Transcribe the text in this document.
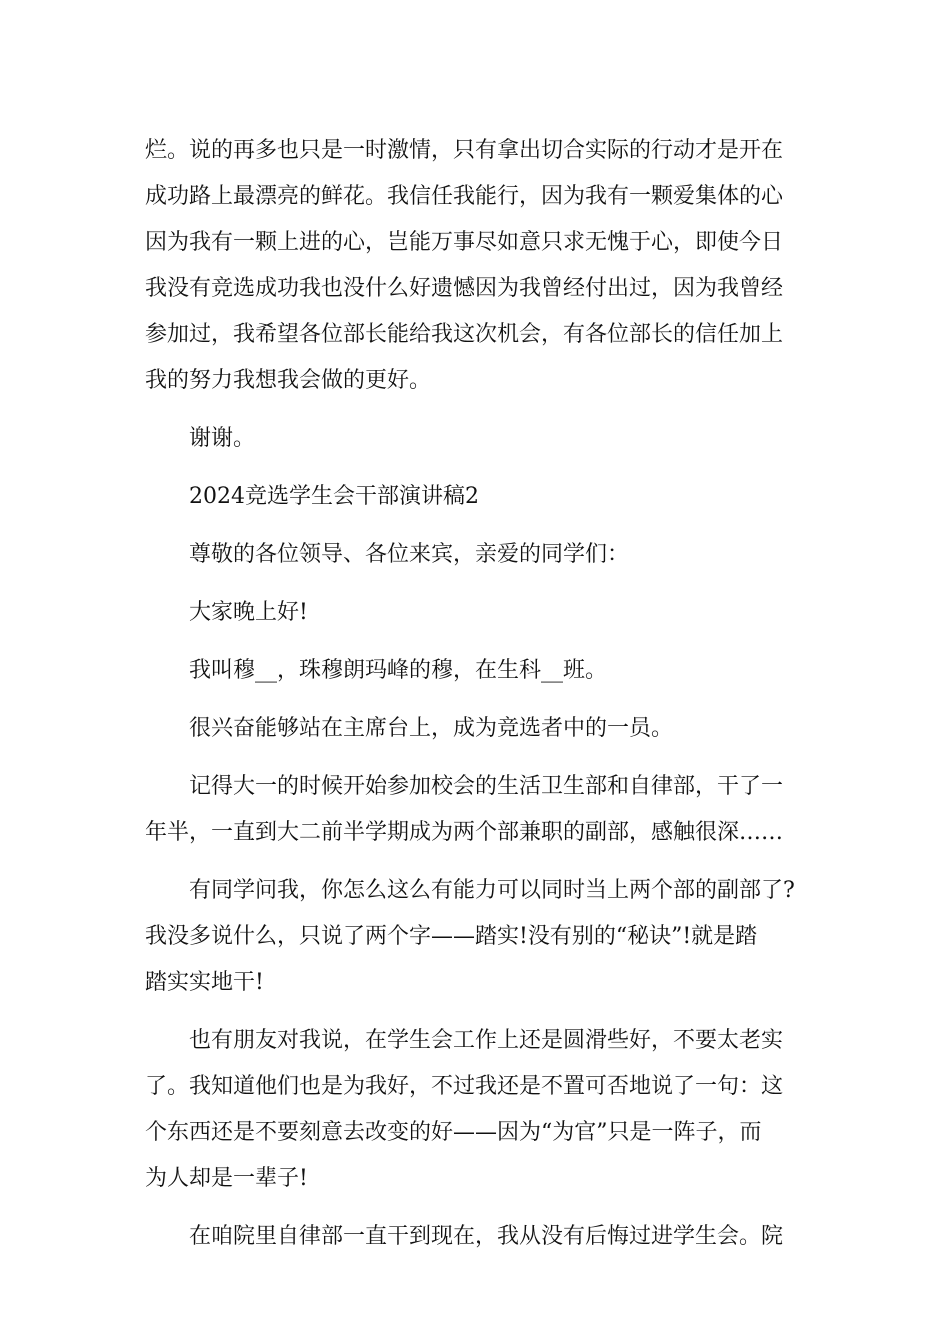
烂。说的再多也只是一时激情，只有拿出切合实际的行动才是开在
成功路上最漂亮的鲜花。我信任我能行，因为我有一颗爱集体的心
因为我有一颗上进的心，岂能万事尽如意只求无愧于心，即使今日
我没有竞选成功我也没什么好遗憾因为我曾经付出过，因为我曾经
参加过，我希望各位部长能给我这次机会，有各位部长的信任加上
我的努力我想我会做的更好。
谢谢。
2024竞选学生会干部演讲稿2
尊敬的各位领导、各位来宾，亲爱的同学们：
大家晚上好!
我叫穆__，珠穆朗玛峰的穆，在生科__班。
很兴奋能够站在主席台上，成为竞选者中的一员。
记得大一的时候开始参加校会的生活卫生部和自律部，干了一
年半，一直到大二前半学期成为两个部兼职的副部，感触很深……
有同学问我，你怎么这么有能力可以同时当上两个部的副部了?
我没多说什么，只说了两个字——踏实!没有别的“秘诀”!就是踏
踏实实地干!
也有朋友对我说，在学生会工作上还是圆滑些好，不要太老实
了。我知道他们也是为我好，不过我还是不置可否地说了一句：这
个东西还是不要刻意去改变的好——因为“为官”只是一阵子，而
为人却是一辈子!
在咱院里自律部一直干到现在，我从没有后悔过进学生会。院
